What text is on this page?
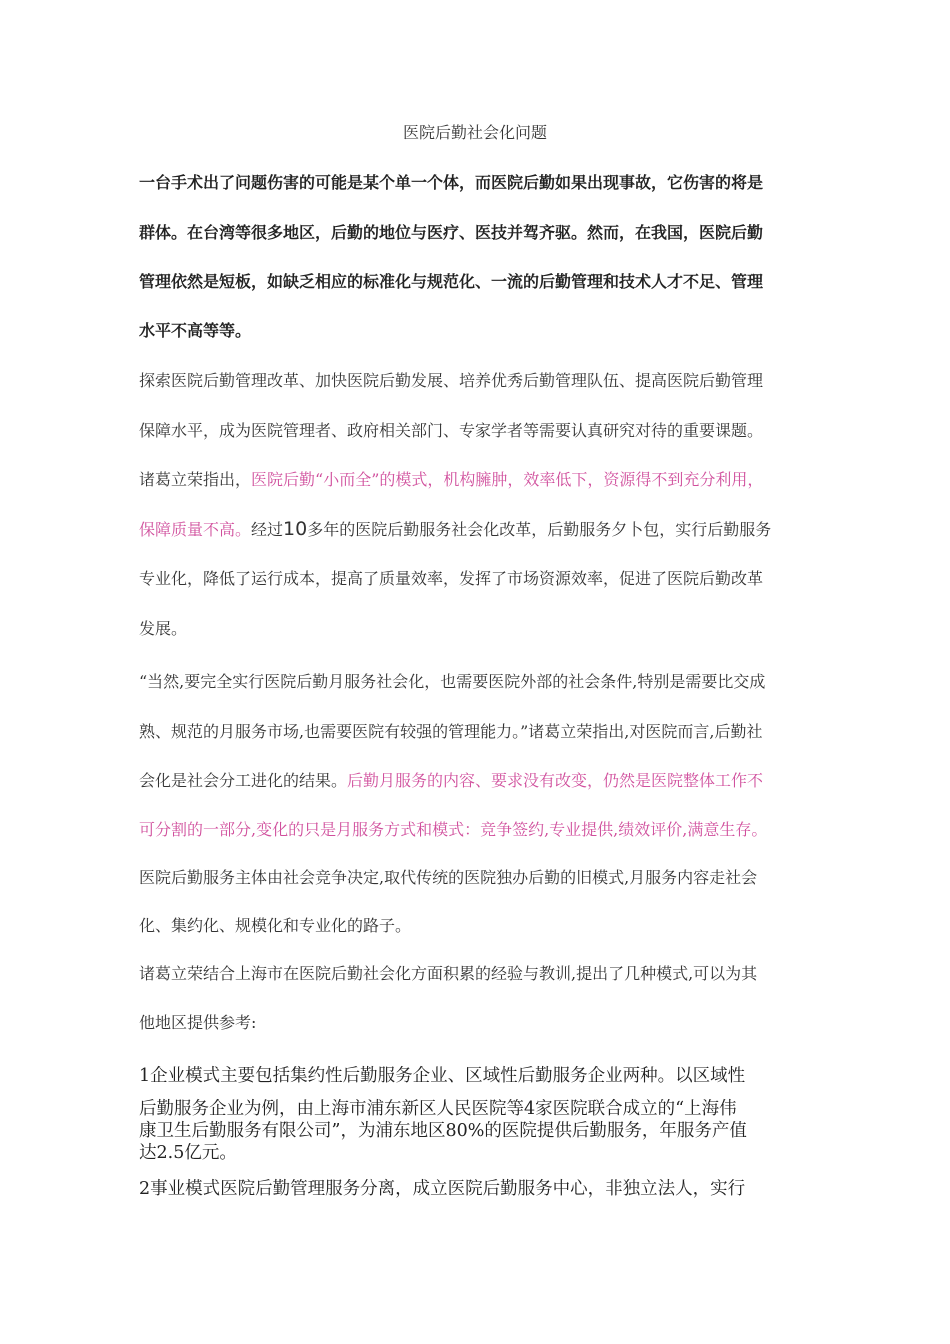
医院后勤社会化问题
一台手术出了问题伤害的可能是某个单一个体，而医院后勤如果出现事故，它伤害的将是
群体。在台湾等很多地区，后勤的地位与医疗、医技并驾齐驱。然而，在我国，医院后勤
管理依然是短板，如缺乏相应的标准化与规范化、一流的后勤管理和技术人才不足、管理
水平不高等等。
探索医院后勤管理改革、加快医院后勤发展、培养优秀后勤管理队伍、提高医院后勤管理
保障水平，成为医院管理者、政府相关部门、专家学者等需要认真研究对待的重要课题。
诸葛立荣指出，医院后勤“小而全”的模式，机构臃肿，效率低下，资源得不到充分利用，
保障质量不高。经过10多年的医院后勤服务社会化改革，后勤服务夕卜包，实行后勤服务
专业化，降低了运行成本，提高了质量效率，发挥了市场资源效率，促进了医院后勤改革
发展。
“当然,要完全实行医院后勤月服务社会化，也需要医院外部的社会条件,特别是需要比交成
熟、规范的月服务市场,也需要医院有较强的管理能力。”诸葛立荣指出,对医院而言,后勤社
会化是社会分工进化的结果。后勤月服务的内容、要求没有改变，仍然是医院整体工作不
可分割的一部分,变化的只是月服务方式和模式：竞争签约,专业提供,绩效评价,满意生存。
医院后勤服务主体由社会竞争决定,取代传统的医院独办后勤的旧模式,月服务内容走社会
化、集约化、规模化和专业化的路子。
诸葛立荣结合上海市在医院后勤社会化方面积累的经验与教训,提出了几种模式,可以为其
他地区提供参考:
1企业模式主要包括集约性后勤服务企业、区域性后勤服务企业两种。以区域性
后勤服务企业为例，由上海市浦东新区人民医院等4家医院联合成立的“上海伟
康卫生后勤服务有限公司”，为浦东地区80%的医院提供后勤服务，年服务产值
达2.5亿元。
2事业模式医院后勤管理服务分离，成立医院后勤服务中心，非独立法人，实行
